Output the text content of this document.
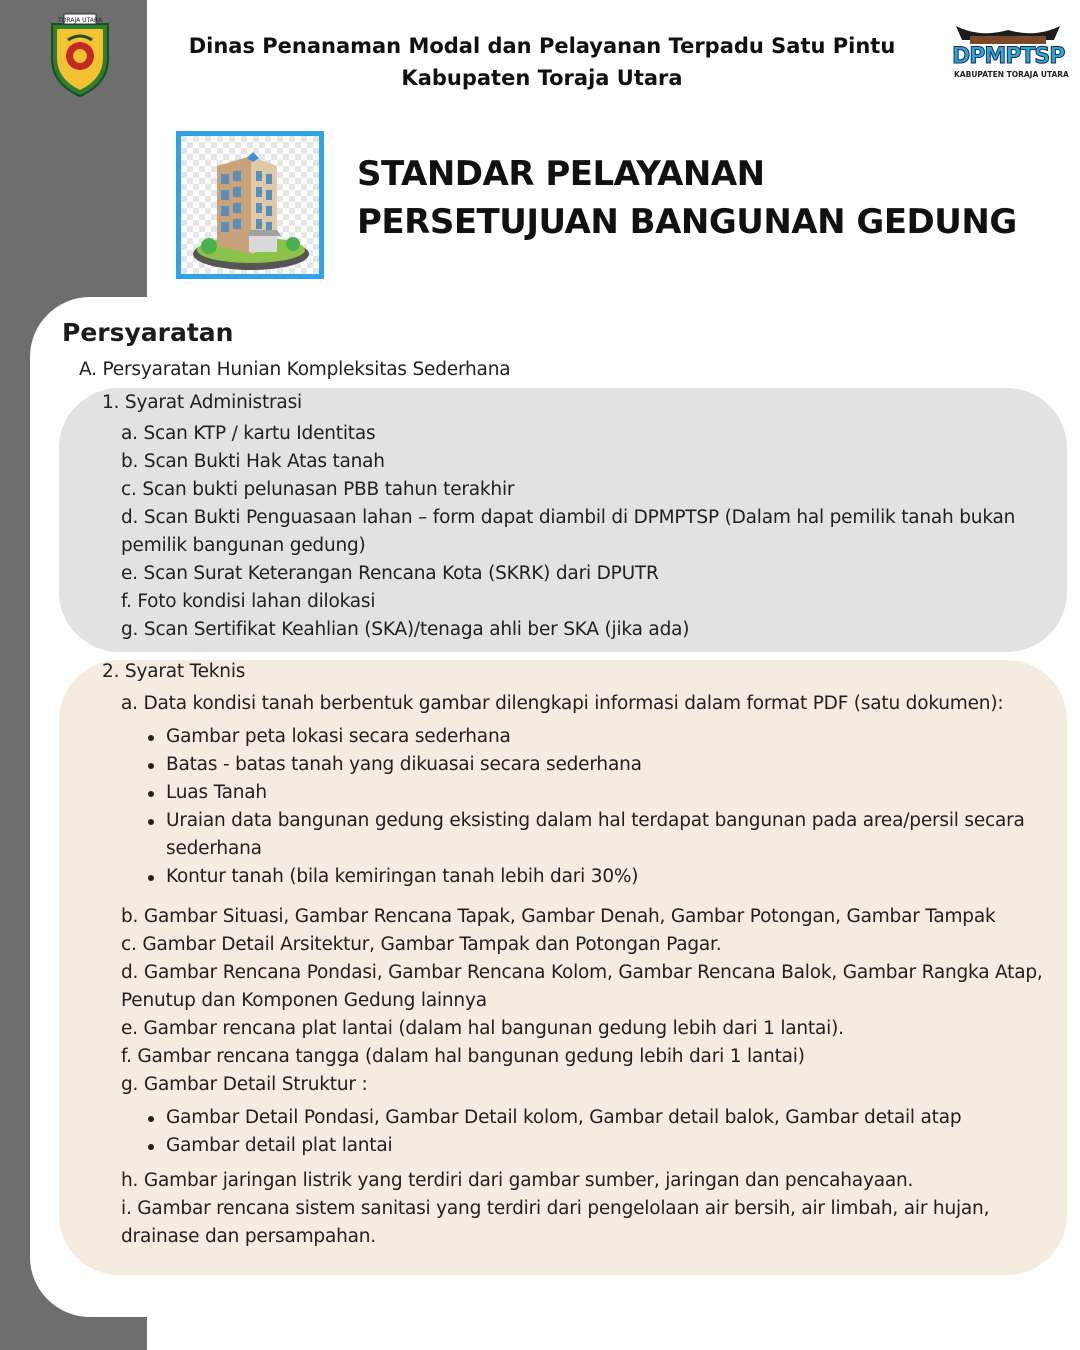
TORAJA UTARA
Dinas Penanaman Modal dan Pelayanan Terpadu Satu Pintu
Kabupaten Toraja Utara
DPMPTSP
KABUPATEN TORAJA UTARA
STANDAR PELAYANAN
PERSETUJUAN BANGUNAN GEDUNG
Persyaratan
A. Persyaratan Hunian Kompleksitas Sederhana
1. Syarat Administrasi
a. Scan KTP / kartu Identitas
b. Scan Bukti Hak Atas tanah
c. Scan bukti pelunasan PBB tahun terakhir
d. Scan Bukti Penguasaan lahan – form dapat diambil di DPMPTSP (Dalam hal pemilik tanah bukan
pemilik bangunan gedung)
e. Scan Surat Keterangan Rencana Kota (SKRK) dari DPUTR
f. Foto kondisi lahan dilokasi
g. Scan Sertifikat Keahlian (SKA)/tenaga ahli ber SKA (jika ada)
2. Syarat Teknis
a. Data kondisi tanah berbentuk gambar dilengkapi informasi dalam format PDF (satu dokumen):
Gambar peta lokasi secara sederhana
Batas - batas tanah yang dikuasai secara sederhana
Luas Tanah
Uraian data bangunan gedung eksisting dalam hal terdapat bangunan pada area/persil secara
sederhana
Kontur tanah (bila kemiringan tanah lebih dari 30%)
b. Gambar Situasi, Gambar Rencana Tapak, Gambar Denah, Gambar Potongan, Gambar Tampak
c. Gambar Detail Arsitektur, Gambar Tampak dan Potongan Pagar.
d. Gambar Rencana Pondasi, Gambar Rencana Kolom, Gambar Rencana Balok, Gambar Rangka Atap,
Penutup dan Komponen Gedung lainnya
e. Gambar rencana plat lantai (dalam hal bangunan gedung lebih dari 1 lantai).
f. Gambar rencana tangga (dalam hal bangunan gedung lebih dari 1 lantai)
g. Gambar Detail Struktur :
Gambar Detail Pondasi, Gambar Detail kolom, Gambar detail balok, Gambar detail atap
Gambar detail plat lantai
h. Gambar jaringan listrik yang terdiri dari gambar sumber, jaringan dan pencahayaan.
i. Gambar rencana sistem sanitasi yang terdiri dari pengelolaan air bersih, air limbah, air hujan,
drainase dan persampahan.
